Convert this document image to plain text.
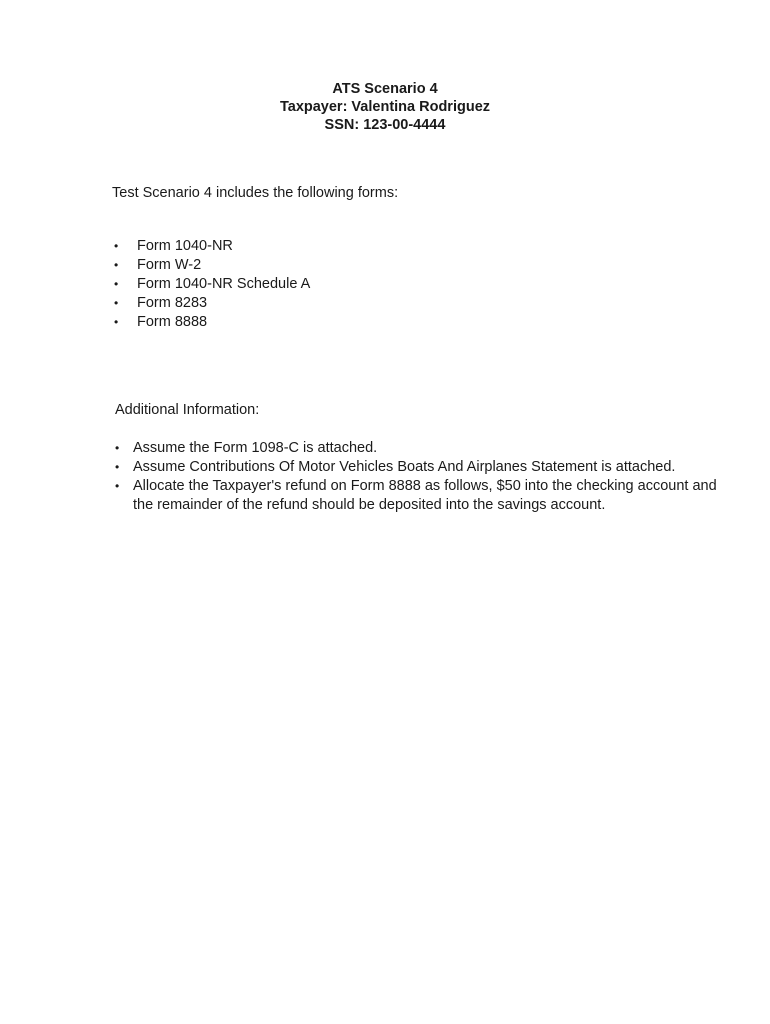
ATS Scenario 4
Taxpayer: Valentina Rodriguez
SSN: 123-00-4444
Test Scenario 4 includes the following forms:
• Form 1040-NR
• Form W-2
• Form 1040-NR Schedule A
• Form 8283
• Form 8888
Additional Information:
• Assume the Form 1098-C is attached.
• Assume Contributions Of Motor Vehicles Boats And Airplanes Statement is attached.
• Allocate the Taxpayer's refund on Form 8888 as follows, $50 into the checking account and the remainder of the refund should be deposited into the savings account.
